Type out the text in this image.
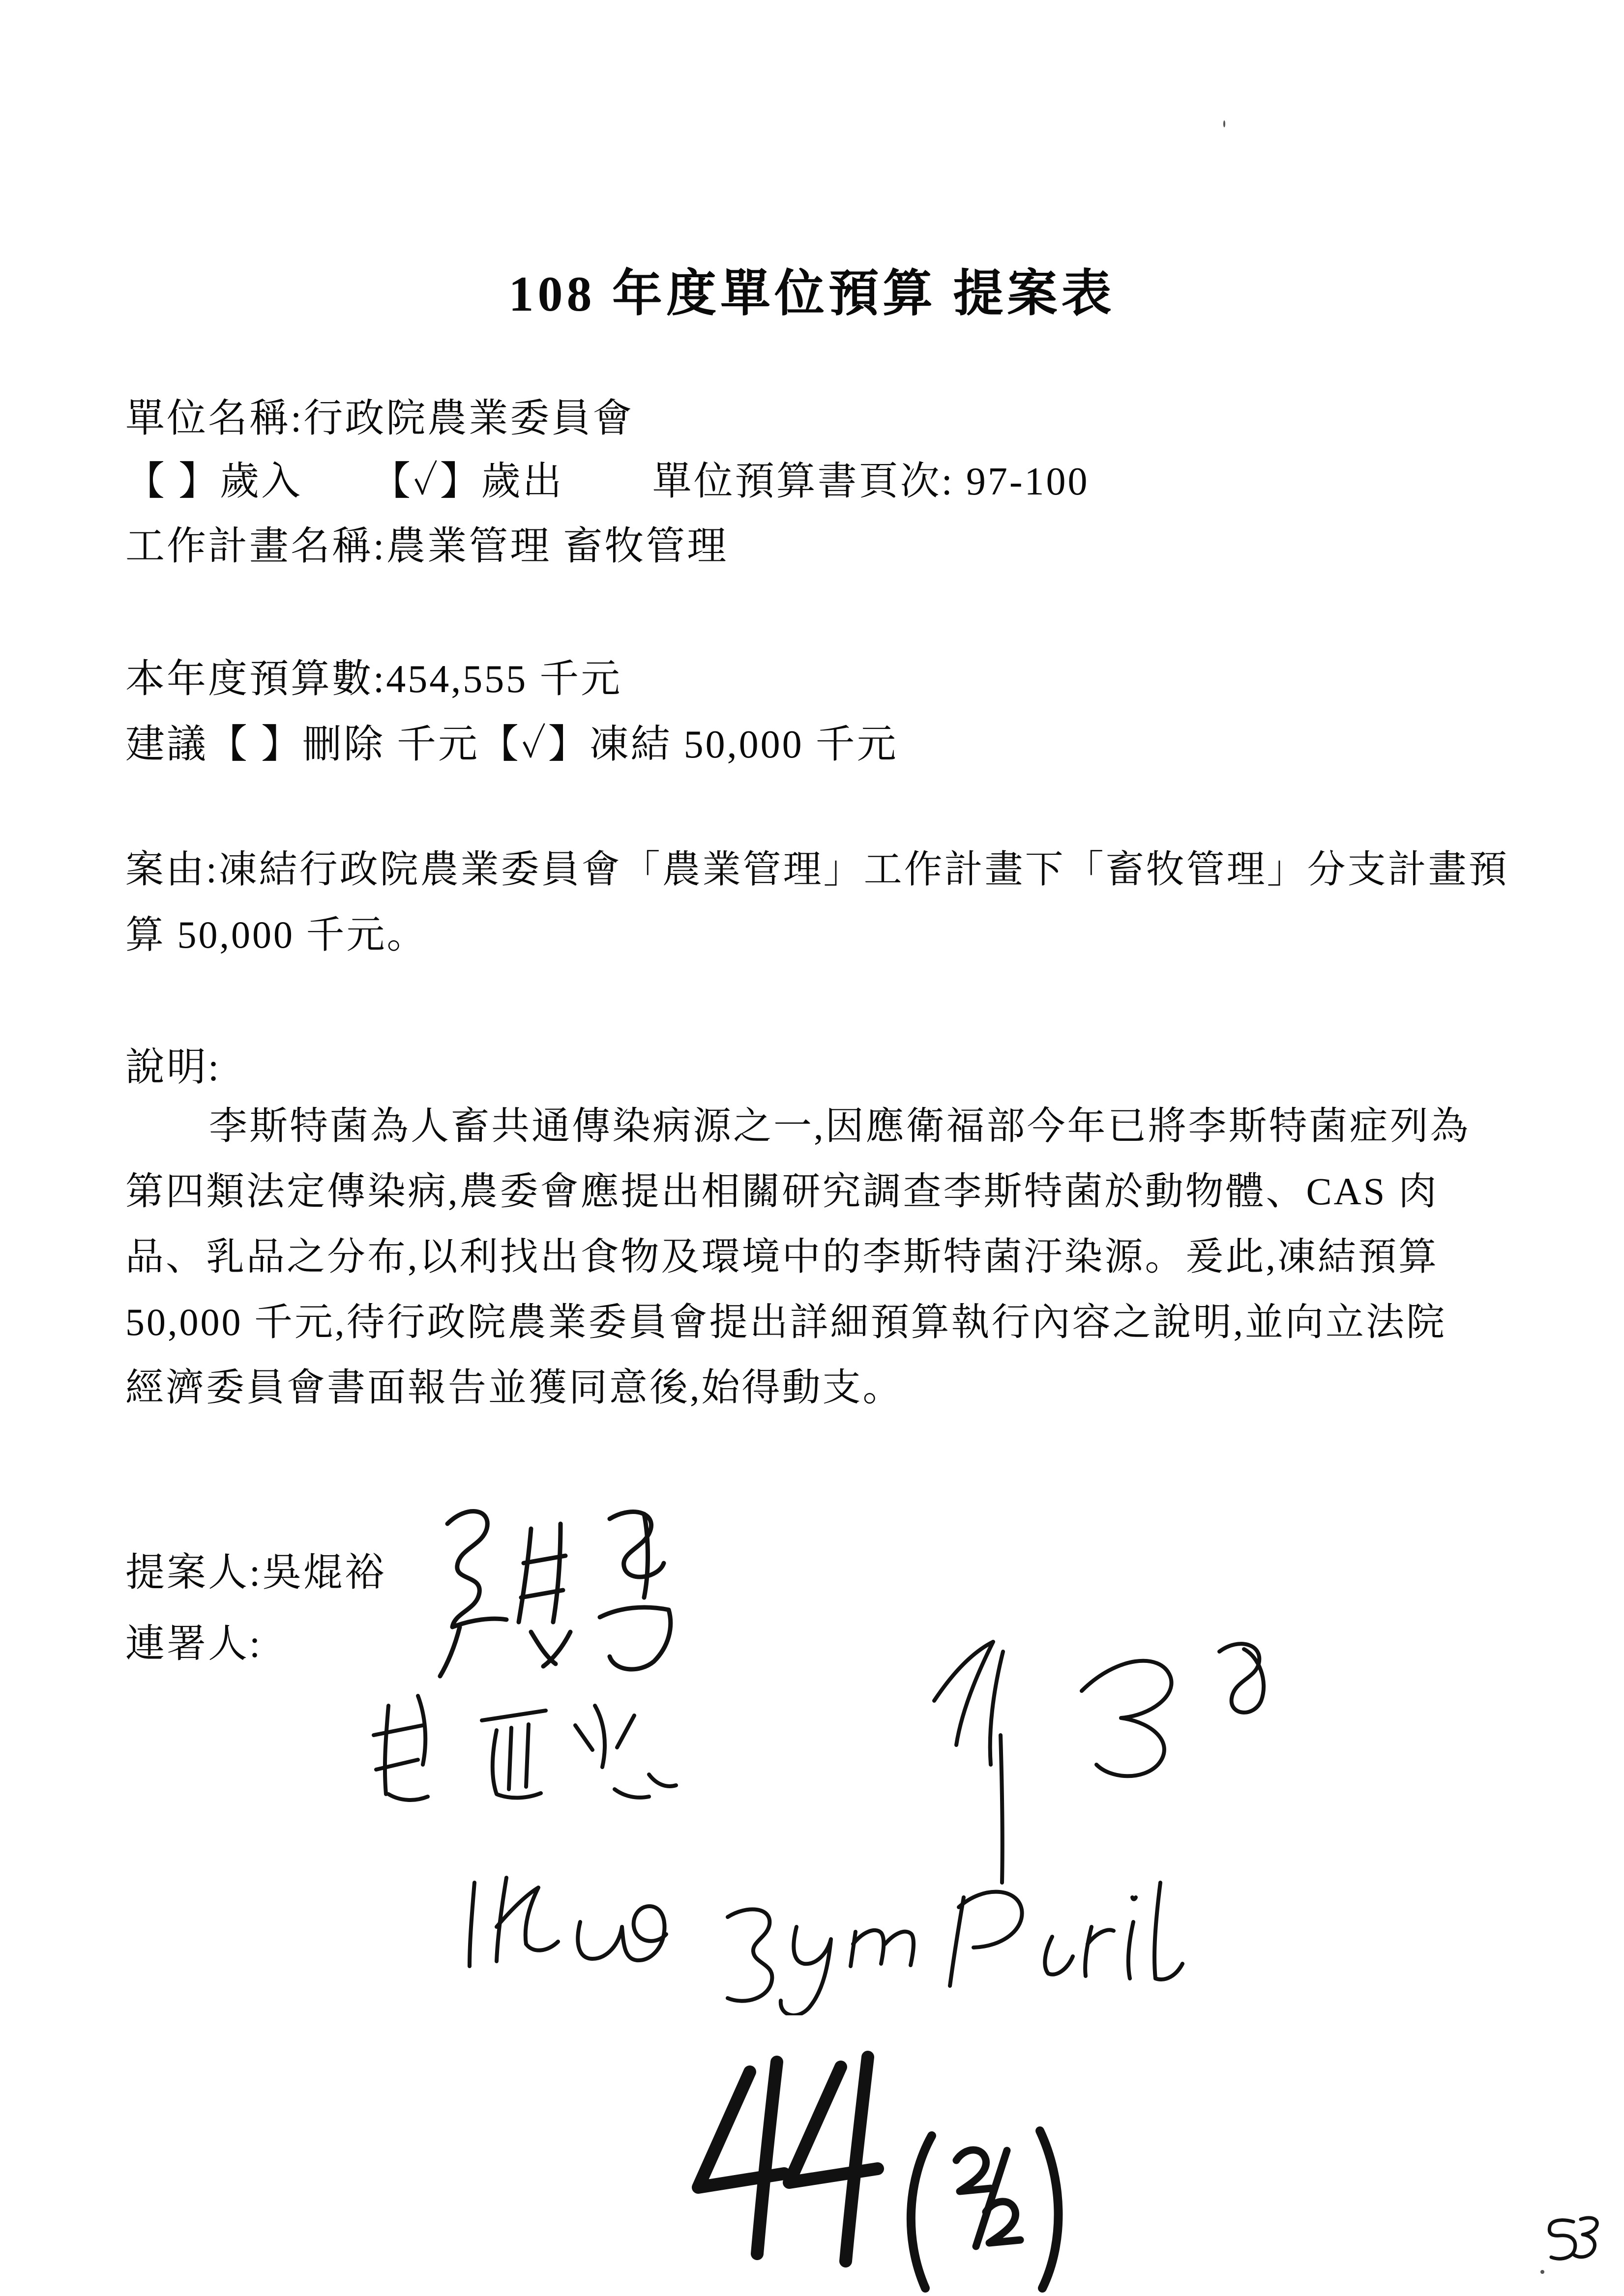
108 年度單位預算 提案表
單位名稱:行政院農業委員會
【 】歲入 【✓】歲出 單位預算書頁次: 97-100
工作計畫名稱:農業管理 畜牧管理
本年度預算數:454,555 千元
建議【 】刪除 千元【✓】凍結 50,000 千元
案由:凍結行政院農業委員會「農業管理」工作計畫下「畜牧管理」分支計畫預
算 50,000 千元。
說明:
李斯特菌為人畜共通傳染病源之一,因應衛福部今年已將李斯特菌症列為
第四類法定傳染病,農委會應提出相關研究調查李斯特菌於動物體、CAS 肉
品、乳品之分布,以利找出食物及環境中的李斯特菌汙染源。爰此,凍結預算
50,000 千元,待行政院農業委員會提出詳細預算執行內容之說明,並向立法院
經濟委員會書面報告並獲同意後,始得動支。
提案人:吳焜裕
連署人:
